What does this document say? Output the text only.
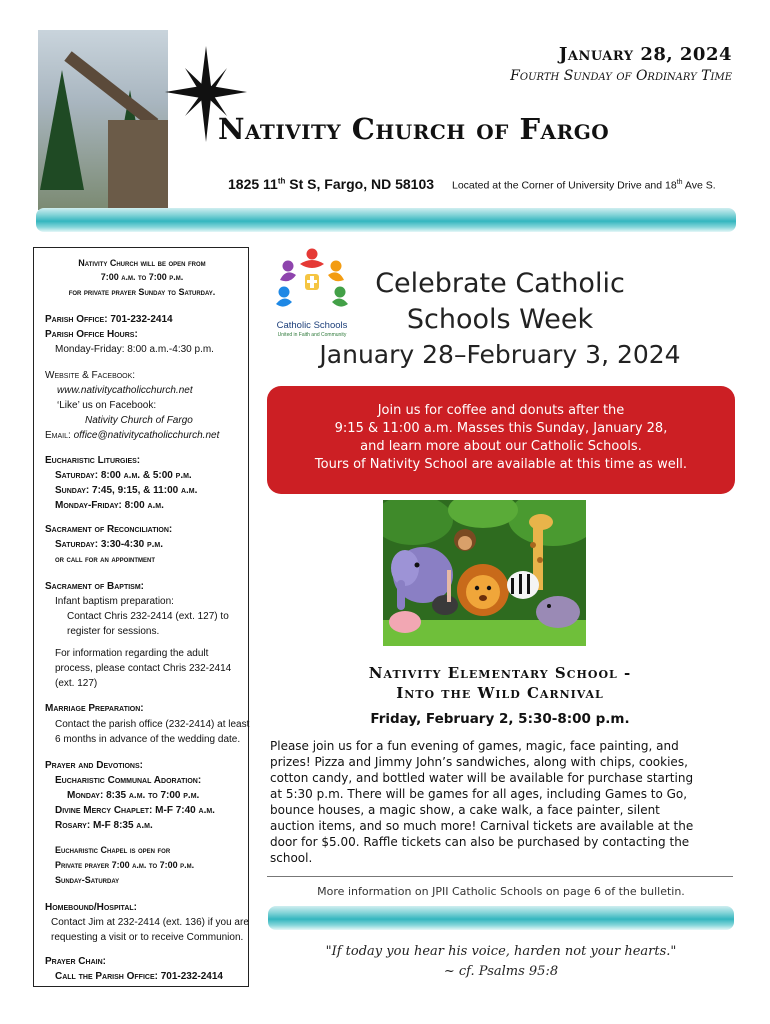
January 28, 2024
Fourth Sunday of Ordinary Time
Nativity Church of Fargo
1825 11th St S, Fargo, ND 58103 Located at the Corner of University Drive and 18th Ave S.
Nativity Church will be open from
7:00 a.m. to 7:00 p.m.
for private prayer Sunday to Saturday.
Parish Office: 701-232-2414
Parish Office Hours:
Monday-Friday: 8:00 a.m.-4:30 p.m.
Website & Facebook:
www.nativitycatholicchurch.net
‘Like’ us on Facebook:
Nativity Church of Fargo
Email: office@nativitycatholicchurch.net
Eucharistic Liturgies:
Saturday: 8:00 a.m. & 5:00 p.m.
Sunday: 7:45, 9:15, & 11:00 a.m.
Monday-Friday: 8:00 a.m.
Sacrament of Reconciliation:
Saturday: 3:30-4:30 p.m.
or call for an appointment
Sacrament of Baptism:
Infant baptism preparation:
Contact Chris 232-2414 (ext. 127) to
register for sessions.
For information regarding the adult
process, please contact Chris 232-2414
(ext. 127)
Marriage Preparation:
Contact the parish office (232-2414) at least
6 months in advance of the wedding date.
Prayer and Devotions:
Eucharistic Communal Adoration:
Monday: 8:35 a.m. to 7:00 p.m.
Divine Mercy Chaplet: M-F 7:40 a.m.
Rosary: M-F 8:35 a.m.
Eucharistic Chapel is open for
Private prayer 7:00 a.m. to 7:00 p.m.
Sunday-Saturday
Homebound/Hospital:
Contact Jim at 232-2414 (ext. 136) if you are
requesting a visit or to receive Communion.
Prayer Chain:
Call the Parish Office: 701-232-2414
Catholic Schools
United in Faith and Community
Celebrate Catholic
Schools Week
January 28–February 3, 2024
Join us for coffee and donuts after the
9:15 & 11:00 a.m. Masses this Sunday, January 28,
and learn more about our Catholic Schools.
Tours of Nativity School are available at this time as well.
Nativity Elementary School -
Into the Wild Carnival
Friday, February 2, 5:30-8:00 p.m.
Please join us for a fun evening of games, magic, face painting, and
prizes! Pizza and Jimmy John’s sandwiches, along with chips, cookies,
cotton candy, and bottled water will be available for purchase starting
at 5:30 p.m. There will be games for all ages, including Games to Go,
bounce houses, a magic show, a cake walk, a face painter, silent
auction items, and so much more! Carnival tickets are available at the
door for $5.00. Raffle tickets can also be purchased by contacting the
school.
More information on JPII Catholic Schools on page 6 of the bulletin.
"If today you hear his voice, harden not your hearts."
~ cf. Psalms 95:8
